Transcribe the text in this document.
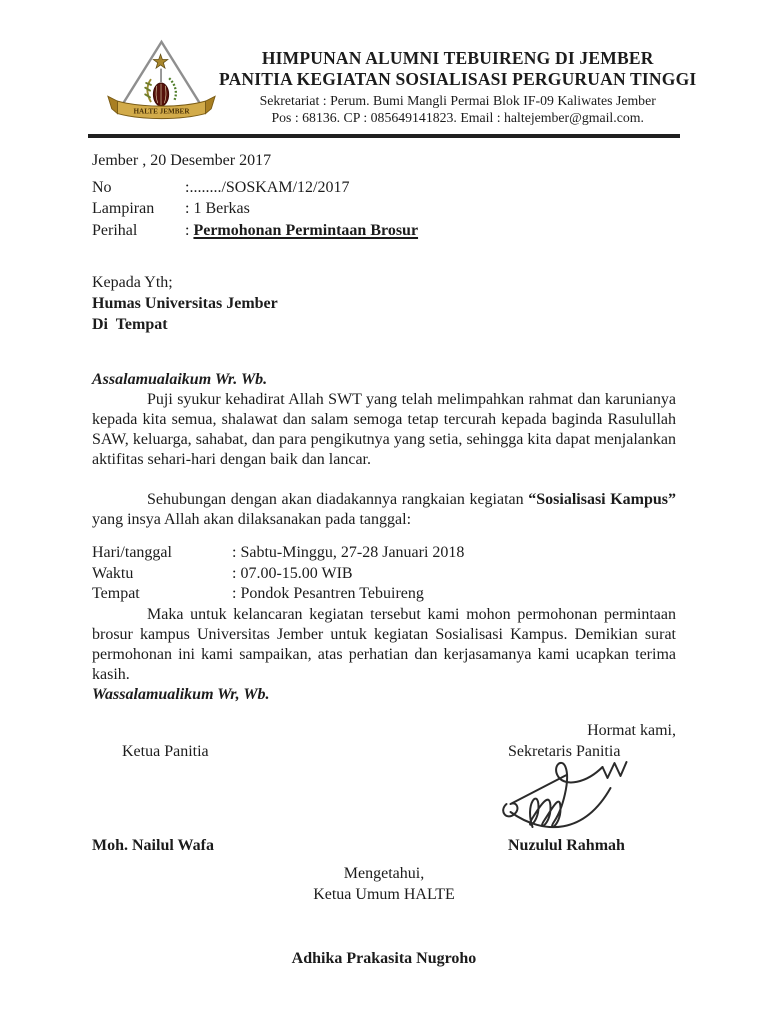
HALTE JEMBER
HIMPUNAN ALUMNI TEBUIRENG DI JEMBER
PANITIA KEGIATAN SOSIALISASI PERGURUAN TINGGI
Sekretariat : Perum. Bumi Mangli Permai Blok IF-09 Kaliwates Jember
Pos : 68136. CP : 085649141823. Email : haltejember@gmail.com.
Jember , 20 Desember 2017
No	:......../SOSKAM/12/2017
Lampiran	: 1 Berkas
Perihal	: Permohonan Permintaan Brosur
Kepada Yth;
Humas Universitas Jember
Di  Tempat
Assalamualaikum Wr. Wb.

Puji syukur kehadirat Allah SWT yang telah melimpahkan rahmat dan karunianya kepada kita semua, shalawat dan salam semoga tetap tercurah kepada baginda Rasulullah SAW, keluarga, sahabat, dan para pengikutnya yang setia, sehingga kita dapat menjalankan aktifitas sehari-hari dengan baik dan lancar.

Sehubungan dengan akan diadakannya rangkaian kegiatan “Sosialisasi Kampus” yang insya Allah akan dilaksanakan pada tanggal:

Hari/tanggal	: Sabtu-Minggu, 27-28 Januari 2018
Waktu	: 07.00-15.00 WIB
Tempat	: Pondok Pesantren Tebuireng

Maka untuk kelancaran kegiatan tersebut kami mohon permohonan permintaan brosur kampus Universitas Jember untuk kegiatan Sosialisasi Kampus. Demikian surat permohonan ini kami sampaikan, atas perhatian dan kerjasamanya kami ucapkan terima kasih.

Wassalamualikum Wr, Wb.
Hormat kami,
Ketua Panitia	Sekretaris Panitia
Moh. Nailul Wafa	Nuzulul Rahmah
Mengetahui,
Ketua Umum HALTE
Adhika Prakasita Nugroho
